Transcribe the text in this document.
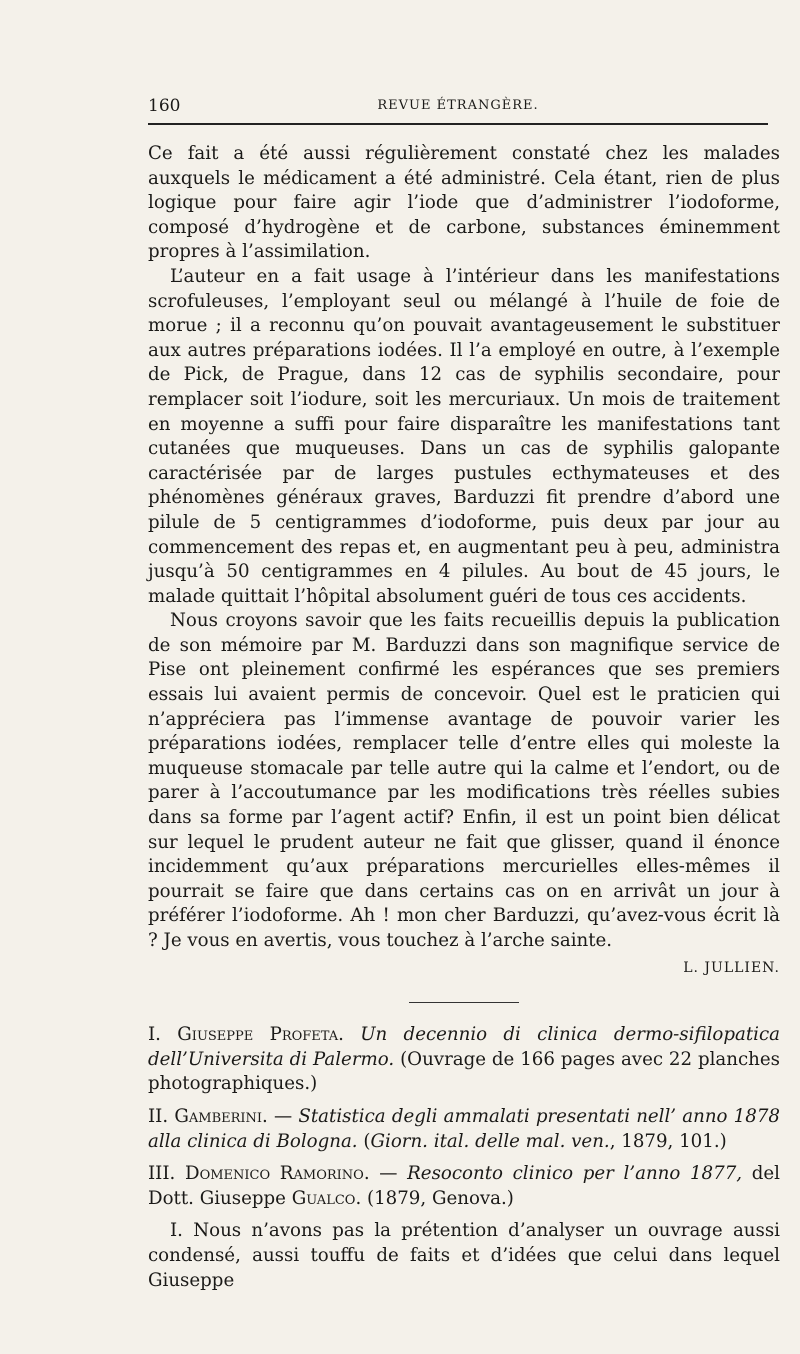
160	REVUE ÉTRANGÈRE.

Ce fait a été aussi régulièrement constaté chez les malades auxquels le médicament a été administré. Cela étant, rien de plus logique pour faire agir l’iode que d’administrer l’iodoforme, composé d’hydrogène et de carbone, substances éminemment propres à l’assimilation.

L’auteur en a fait usage à l’intérieur dans les manifestations scrofuleuses, l’employant seul ou mélangé à l’huile de foie de morue ; il a reconnu qu’on pouvait avantageusement le substituer aux autres préparations iodées. Il l’a employé en outre, à l’exemple de Pick, de Prague, dans 12 cas de syphilis secondaire, pour remplacer soit l’iodure, soit les mercuriaux. Un mois de traitement en moyenne a suffi pour faire disparaître les manifestations tant cutanées que muqueuses. Dans un cas de syphilis galopante caractérisée par de larges pustules ecthymateuses et des phénomènes généraux graves, Barduzzi fit prendre d’abord une pilule de 5 centigrammes d’iodoforme, puis deux par jour au commencement des repas et, en augmentant peu à peu, administra jusqu’à 50 centigrammes en 4 pilules. Au bout de 45 jours, le malade quittait l’hôpital absolument guéri de tous ces accidents.

Nous croyons savoir que les faits recueillis depuis la publication de son mémoire par M. Barduzzi dans son magnifique service de Pise ont pleinement confirmé les espérances que ses premiers essais lui avaient permis de concevoir. Quel est le praticien qui n’appréciera pas l’immense avantage de pouvoir varier les préparations iodées, remplacer telle d’entre elles qui moleste la muqueuse stomacale par telle autre qui la calme et l’endort, ou de parer à l’accoutumance par les modifications très réelles subies dans sa forme par l’agent actif? Enfin, il est un point bien délicat sur lequel le prudent auteur ne fait que glisser, quand il énonce incidemment qu’aux préparations mercurielles elles-mêmes il pourrait se faire que dans certains cas on en arrivât un jour à préférer l’iodoforme. Ah ! mon cher Barduzzi, qu’avez-vous écrit là ? Je vous en avertis, vous touchez à l’arche sainte.

L. JULLIEN.
I. Giuseppe Profeta. Un decennio di clinica dermo-sifilopatica dell’Universita di Palermo. (Ouvrage de 166 pages avec 22 planches photographiques.)
II. Gamberini. — Statistica degli ammalati presentati nell’ anno 1878 alla clinica di Bologna. (Giorn. ital. delle mal. ven., 1879, 101.)
III. Domenico Ramorino. — Resoconto clinico per l’anno 1877, del Dott. Giuseppe Gualco. (1879, Genova.)

I. Nous n’avons pas la prétention d’analyser un ouvrage aussi condensé, aussi touffu de faits et d’idées que celui dans lequel Giuseppe
